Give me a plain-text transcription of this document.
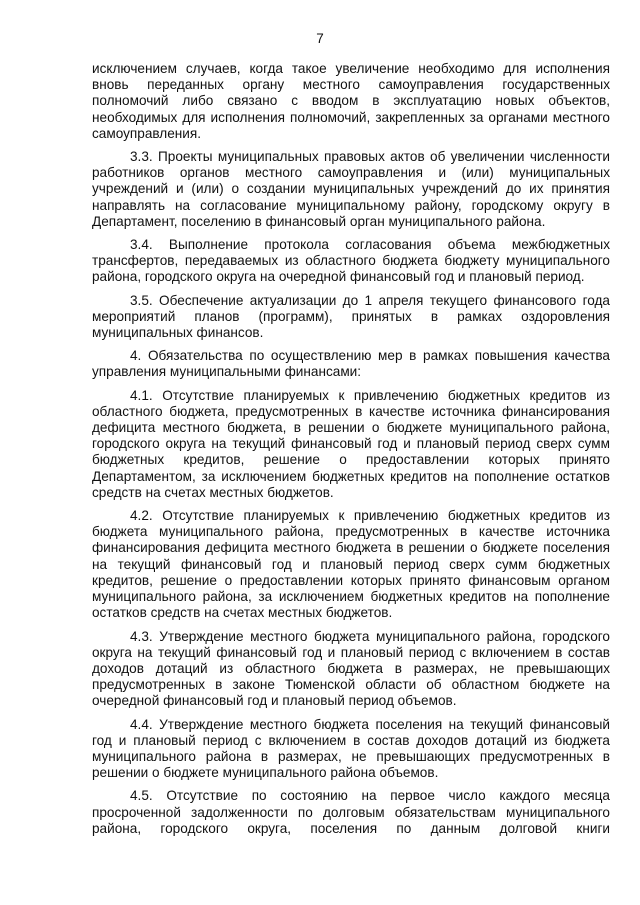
7

исключением случаев, когда такое увеличение необходимо для исполнения вновь переданных органу местного самоуправления государственных полномочий либо связано с вводом в эксплуатацию новых объектов, необходимых для исполнения полномочий, закрепленных за органами местного самоуправления.

3.3. Проекты муниципальных правовых актов об увеличении численности работников органов местного самоуправления и (или) муниципальных учреждений и (или) о создании муниципальных учреждений до их принятия направлять на согласование муниципальному району, городскому округу в Департамент, поселению в финансовый орган муниципального района.

3.4. Выполнение протокола согласования объема межбюджетных трансфертов, передаваемых из областного бюджета бюджету муниципального района, городского округа на очередной финансовый год и плановый период.

3.5. Обеспечение актуализации до 1 апреля текущего финансового года мероприятий планов (программ), принятых в рамках оздоровления муниципальных финансов.

4. Обязательства по осуществлению мер в рамках повышения качества управления муниципальными финансами:

4.1. Отсутствие планируемых к привлечению бюджетных кредитов из областного бюджета, предусмотренных в качестве источника финансирования дефицита местного бюджета, в решении о бюджете муниципального района, городского округа на текущий финансовый год и плановый период сверх сумм бюджетных кредитов, решение о предоставлении которых принято Департаментом, за исключением бюджетных кредитов на пополнение остатков средств на счетах местных бюджетов.

4.2. Отсутствие планируемых к привлечению бюджетных кредитов из бюджета муниципального района, предусмотренных в качестве источника финансирования дефицита местного бюджета в решении о бюджете поселения на текущий финансовый год и плановый период сверх сумм бюджетных кредитов, решение о предоставлении которых принято финансовым органом муниципального района, за исключением бюджетных кредитов на пополнение остатков средств на счетах местных бюджетов.

4.3. Утверждение местного бюджета муниципального района, городского округа на текущий финансовый год и плановый период с включением в состав доходов дотаций из областного бюджета в размерах, не превышающих предусмотренных в законе Тюменской области об областном бюджете на очередной финансовый год и плановый период объемов.

4.4. Утверждение местного бюджета поселения на текущий финансовый год и плановый период с включением в состав доходов дотаций из бюджета муниципального района в размерах, не превышающих предусмотренных в решении о бюджете муниципального района объемов.

4.5. Отсутствие по состоянию на первое число каждого месяца просроченной задолженности по долговым обязательствам муниципального района, городского округа, поселения по данным долговой книги
